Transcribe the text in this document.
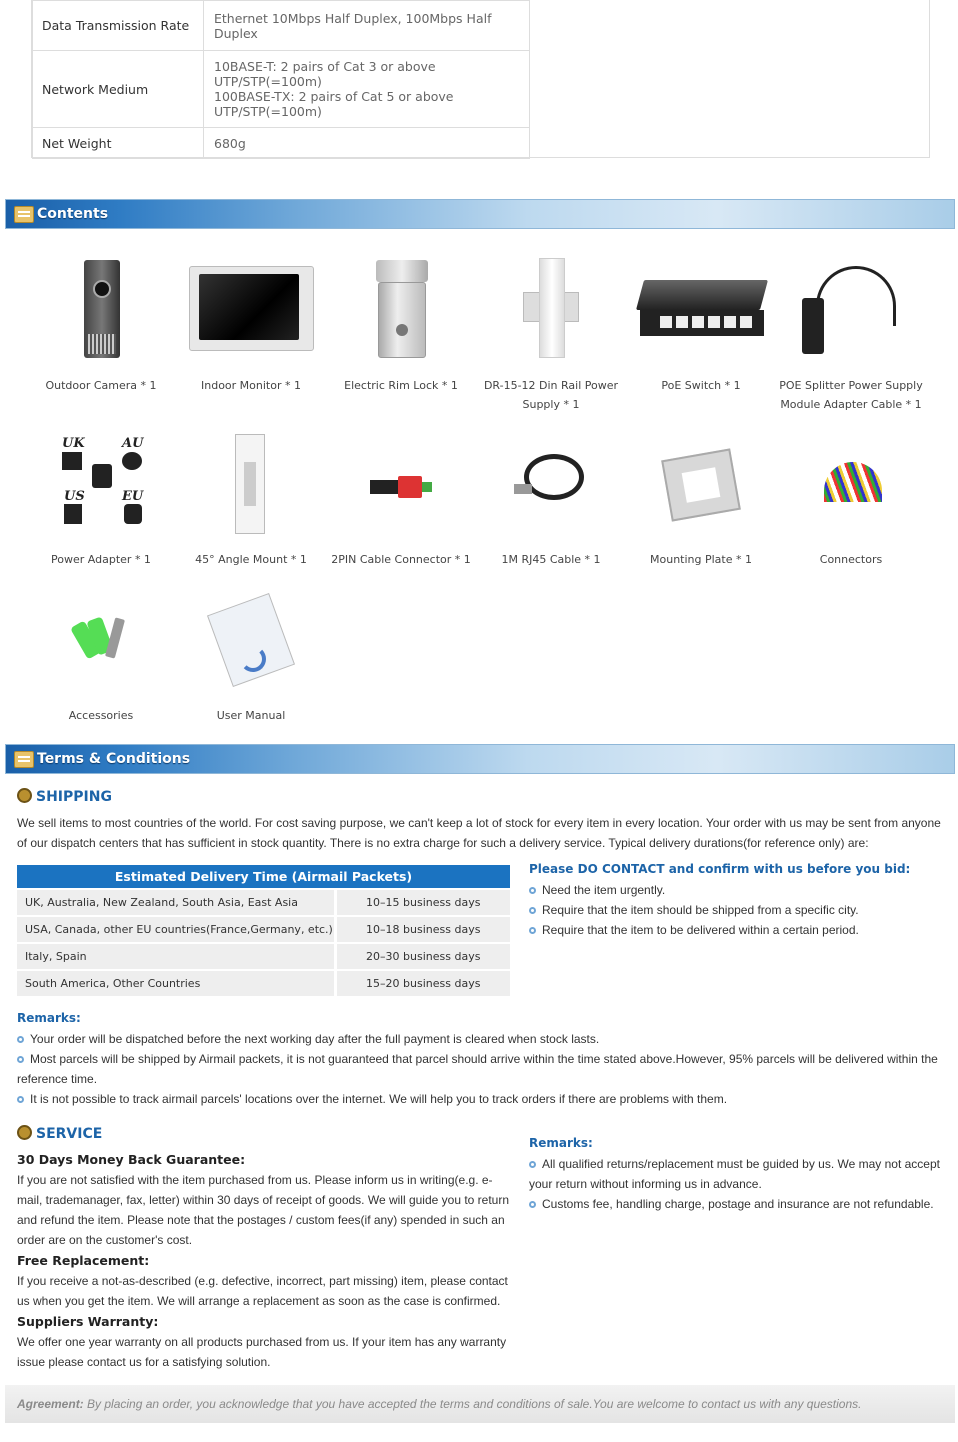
Data Transmission Rate	Ethernet 10Mbps Half Duplex, 100Mbps Half Duplex
Network Medium	10BASE-T: 2 pairs of Cat 3 or above
UTP/STP(=100m)
100BASE-TX: 2 pairs of Cat 5 or above
UTP/STP(=100m)

Net Weight	680g
Contents
Outdoor Camera * 1	Indoor Monitor * 1	Electric Rim Lock * 1	DR-15-12 Din Rail Power Supply * 1
PoE Switch * 1	POE Splitter Power Supply Module Adapter Cable * 1
UK	AU
US	EU
Power Adapter * 1	45° Angle Mount * 1	2PIN Cable Connector * 1	1M RJ45 Cable * 1	Mounting Plate * 1	Connectors
Accessories	User Manual
Terms & Conditions
SHIPPING
We sell items to most countries of the world. For cost saving purpose, we can't keep a lot of stock for every item in every location. Your order with us may be sent from anyone of our dispatch centers that has sufficient in stock quantity. There is no extra charge for such a delivery service. Typical delivery durations(for reference only) are:
Estimated Delivery Time (Airmail Packets)	
UK, Australia, New Zealand, South Asia, East Asia	10–15 business days
USA, Canada, other EU countries(France,Germany, etc.)	10–18 business days
Italy, Spain	20–30 business days
South America, Other Countries	15–20 business days
Please DO CONTACT and confirm with us before you bid:
Need the item urgently.
Require that the item should be shipped from a specific city.
Require that the item to be delivered within a certain period.
Remarks:
Your order will be dispatched before the next working day after the full payment is cleared when stock lasts.
Most parcels will be shipped by Airmail packets, it is not guaranteed that parcel should arrive within the time stated above.However, 95% parcels will be delivered within the reference time.
It is not possible to track airmail parcels' locations over the internet. We will help you to track orders if there are problems with them.
SERVICE
30 Days Money Back Guarantee:
If you are not satisfied with the item purchased from us. Please inform us in writing(e.g. e-mail, trademanager, fax, letter) within 30 days of receipt of goods. We will guide you to return and refund the item. Please note that the postages / custom fees(if any) spended in such an order are on the customer's cost.
Free Replacement:
If you receive a not-as-described (e.g. defective, incorrect, part missing) item, please contact us when you get the item. We will arrange a replacement as soon as the case is confirmed.
Suppliers Warranty:
We offer one year warranty on all products purchased from us. If your item has any warranty issue please contact us for a satisfying solution.
Remarks:
All qualified returns/replacement must be guided by us. We may not accept your return without informing us in advance.
Customs fee, handling charge, postage and insurance are not refundable.
Agreement: By placing an order, you acknowledge that you have accepted the terms and conditions of sale.You are welcome to contact us with any questions.
